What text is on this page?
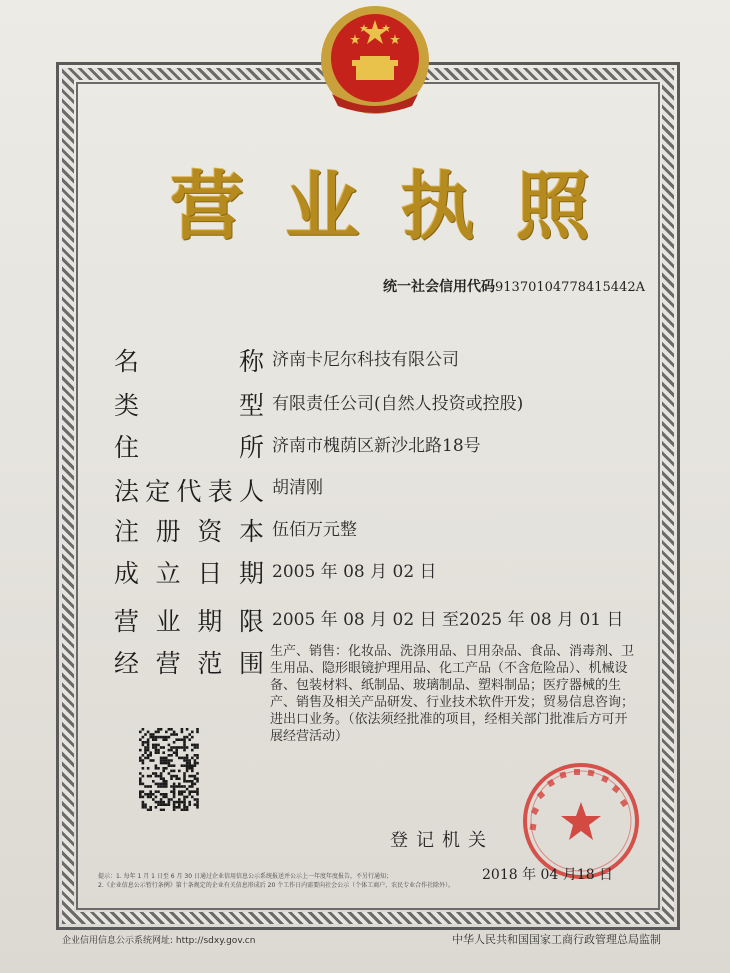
营 业 执 照
统一社会信用代码91370104778415442A
名	称 济南卡尼尔科技有限公司
类	型 有限责任公司(自然人投资或控股)
住	所 济南市槐荫区新沙北路18号
法 定 代 表 人 胡清刚
注 册 资 本 伍佰万元整
成 立 日 期 2005 年 08 月 02 日
营 业 期 限 2005 年 08 月 02 日 至2025 年 08 月 01 日
经 营 范 围 生产、销售：化妆品、洗涤用品、日用杂品、食品、消毒剂、卫生用品、隐形眼镜护理用品、化工产品（不含危险品）、机械设备、包装材料、纸制品、玻璃制品、塑料制品；医疗器械的生产、销售及相关产品研发、行业技术软件开发；贸易信息咨询；进出口业务。（依法须经批准的项目，经相关部门批准后方可开展经营活动）
登记机关
2018 年 04 月18 日
提示：1. 每年 1 月 1 日至 6 月 30 日通过企业信用信息公示系统报送并公示上一年度年度报告，不另行通知；
2.《企业信息公示暂行条例》第十条规定的企业有关信息形成后 20 个工作日内需要向社会公示（个体工商户、农民专业合作社除外）。
企业信用信息公示系统网址: http://sdxy.gov.cn	中华人民共和国国家工商行政管理总局监制
